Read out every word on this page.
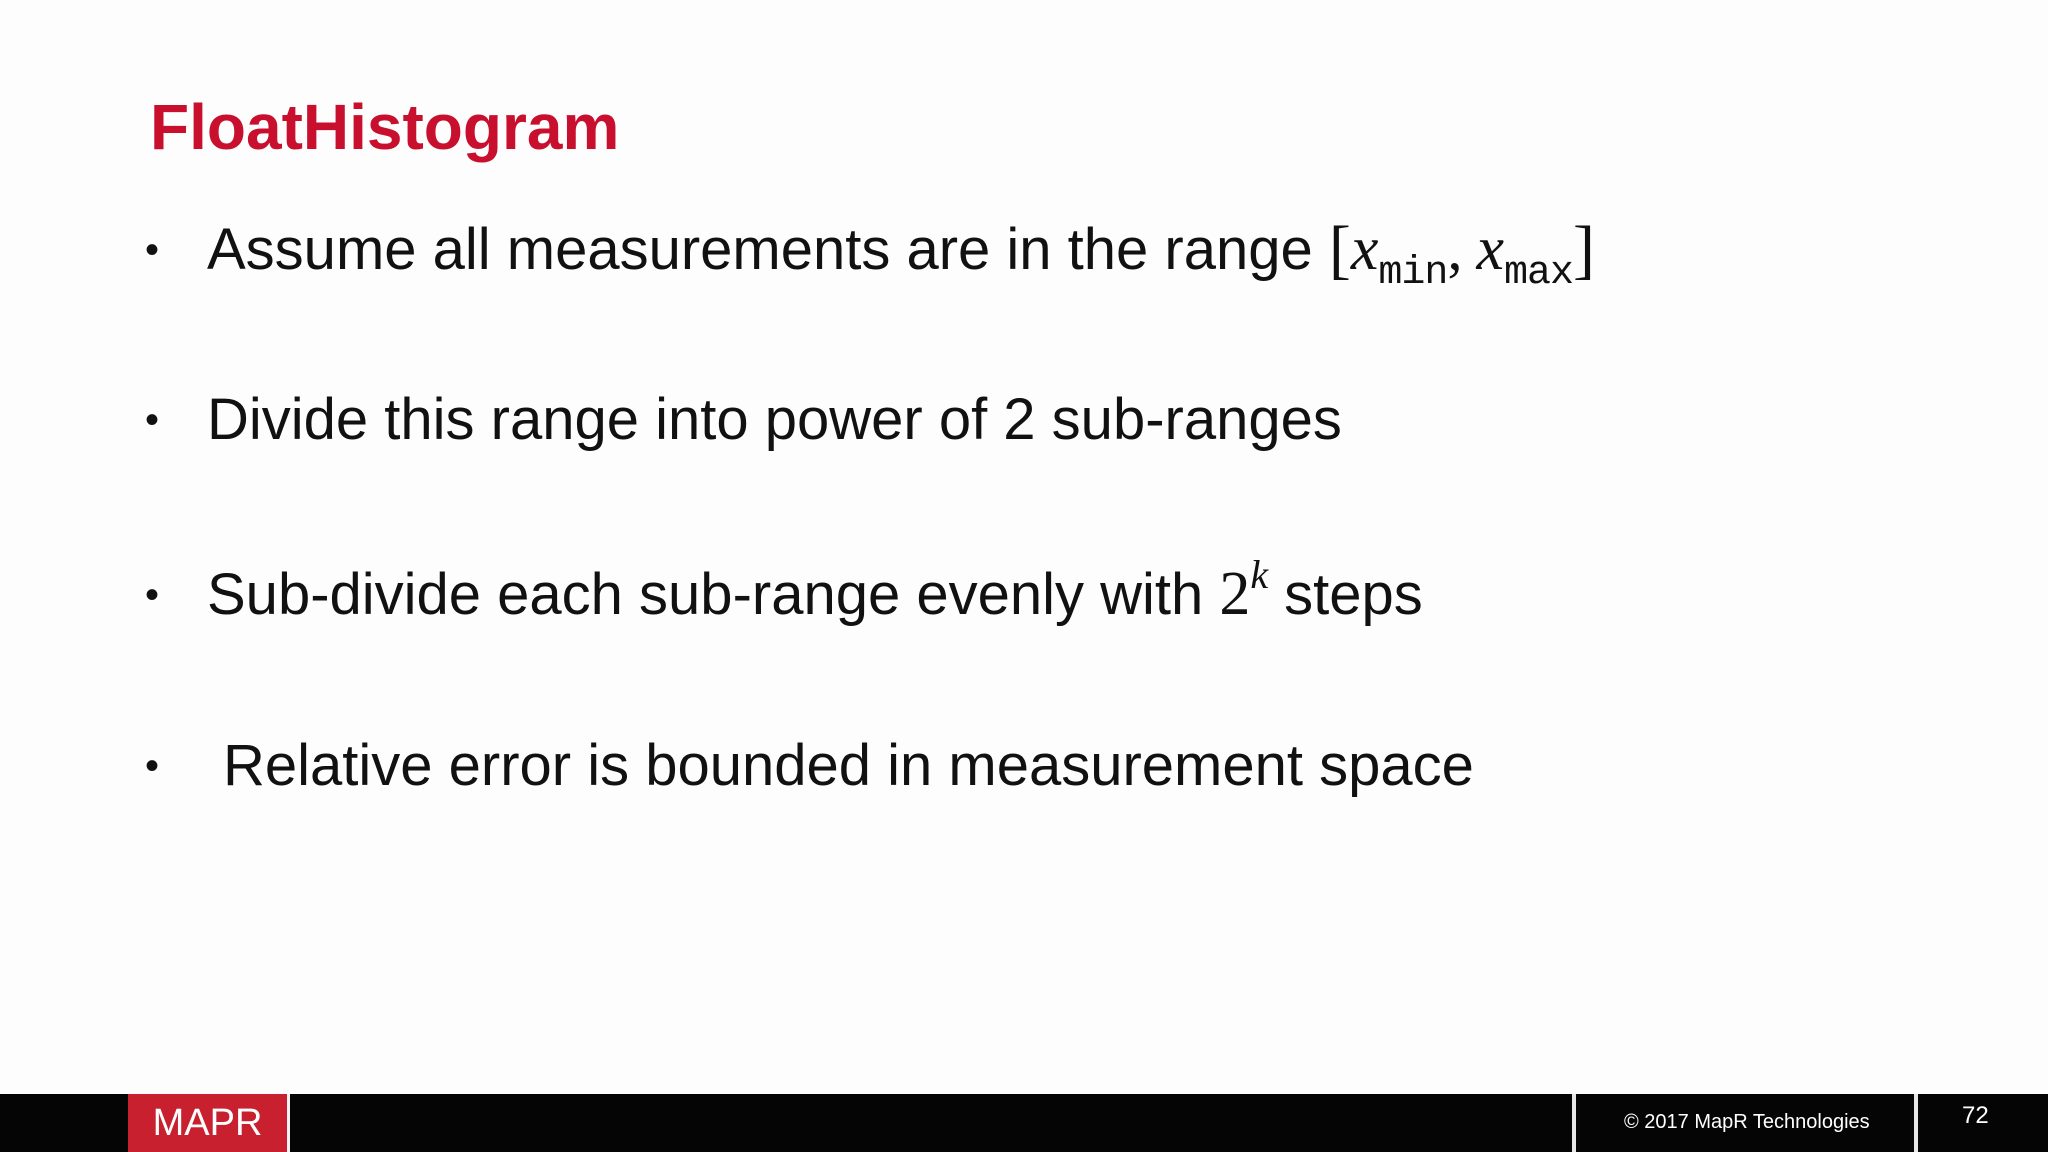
FloatHistogram
• Assume all measurements are in the range [$x_{min}$, $x_{max}$]
• Divide this range into power of 2 sub-ranges
• Sub-divide each sub-range evenly with 2$^k$ steps
• Relative error is bounded in measurement space
MAPR	© 2017 MapR Technologies	72
